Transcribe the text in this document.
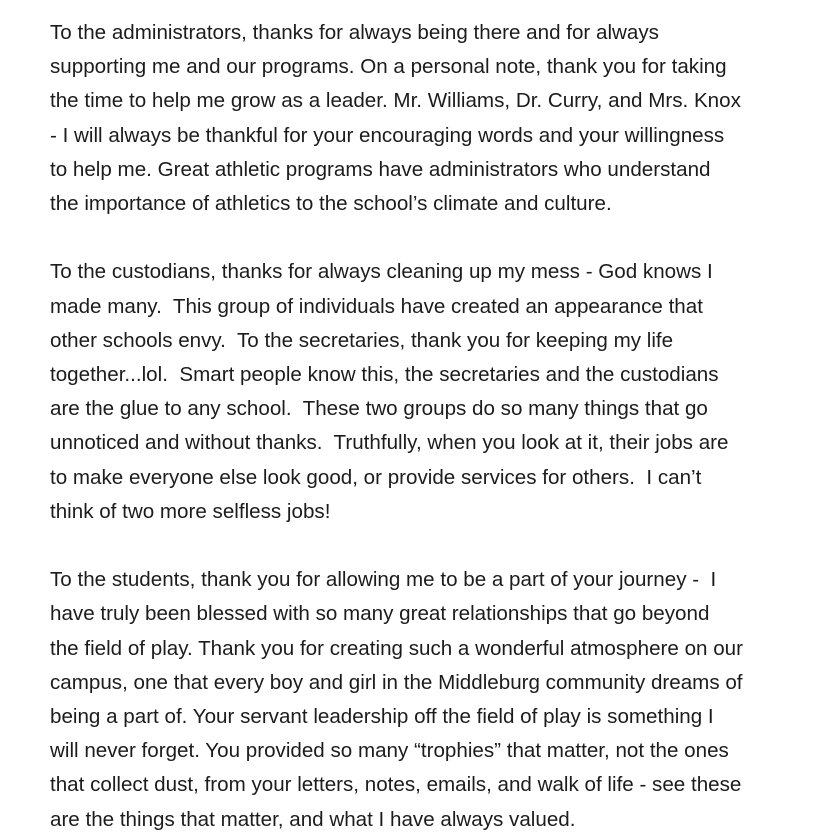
To the administrators, thanks for always being there and for always
supporting me and our programs. On a personal note, thank you for taking
the time to help me grow as a leader. Mr. Williams, Dr. Curry, and Mrs. Knox
- I will always be thankful for your encouraging words and your willingness
to help me. Great athletic programs have administrators who understand
the importance of athletics to the school’s climate and culture.
To the custodians, thanks for always cleaning up my mess - God knows I
made many.  This group of individuals have created an appearance that
other schools envy.  To the secretaries, thank you for keeping my life
together...lol.  Smart people know this, the secretaries and the custodians
are the glue to any school.  These two groups do so many things that go
unnoticed and without thanks.  Truthfully, when you look at it, their jobs are
to make everyone else look good, or provide services for others.  I can’t
think of two more selfless jobs!
To the students, thank you for allowing me to be a part of your journey -  I
have truly been blessed with so many great relationships that go beyond
the field of play. Thank you for creating such a wonderful atmosphere on our
campus, one that every boy and girl in the Middleburg community dreams of
being a part of. Your servant leadership off the field of play is something I
will never forget. You provided so many “trophies” that matter, not the ones
that collect dust, from your letters, notes, emails, and walk of life - see these
are the things that matter, and what I have always valued.
